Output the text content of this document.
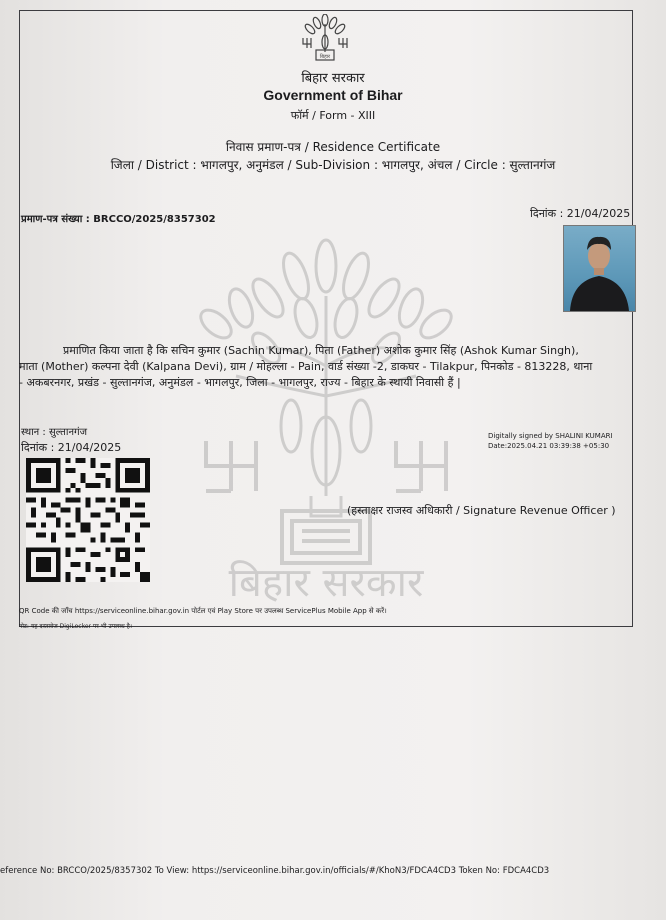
बिहार सरकार
बिहार
बिहार सरकार
Government of Bihar
फॉर्म / Form - XIII
निवास प्रमाण-पत्र / Residence Certificate
जिला / District : भागलपुर, अनुमंडल / Sub-Division : भागलपुर, अंचल / Circle : सुल्तानगंज
प्रमाण-पत्र संख्या : BRCCO/2025/8357302	दिनांक : 21/04/2025
प्रमाणित किया जाता है कि सचिन कुमार (Sachin Kumar), पिता (Father) अशोक कुमार सिंह (Ashok Kumar Singh),
माता (Mother) कल्पना देवी (Kalpana Devi), ग्राम / मोहल्ला - Pain, वार्ड संख्या -2, डाकघर - Tilakpur, पिनकोड - 813228, थाना
- अकबरनगर, प्रखंड - सुल्तानगंज, अनुमंडल - भागलपुर, जिला - भागलपुर, राज्य - बिहार के स्थायी निवासी हैं |
स्थान : सुल्तानगंज
दिनांक : 21/04/2025
Digitally signed by SHALINI KUMARI
Date:2025.04.21 03:39:38 +05:30
(हस्ताक्षर राजस्व अधिकारी / Signature Revenue Officer )
QR Code की जाँच https://serviceonline.bihar.gov.in पोर्टल एवं Play Store पर उपलब्ध ServicePlus Mobile App से करें।
नोट: यह दस्तावेज DigiLocker पर भी उपलब्ध है।
eference No: BRCCO/2025/8357302 To View: https://serviceonline.bihar.gov.in/officials/#/KhoN3/FDCA4CD3 Token No: FDCA4CD3
